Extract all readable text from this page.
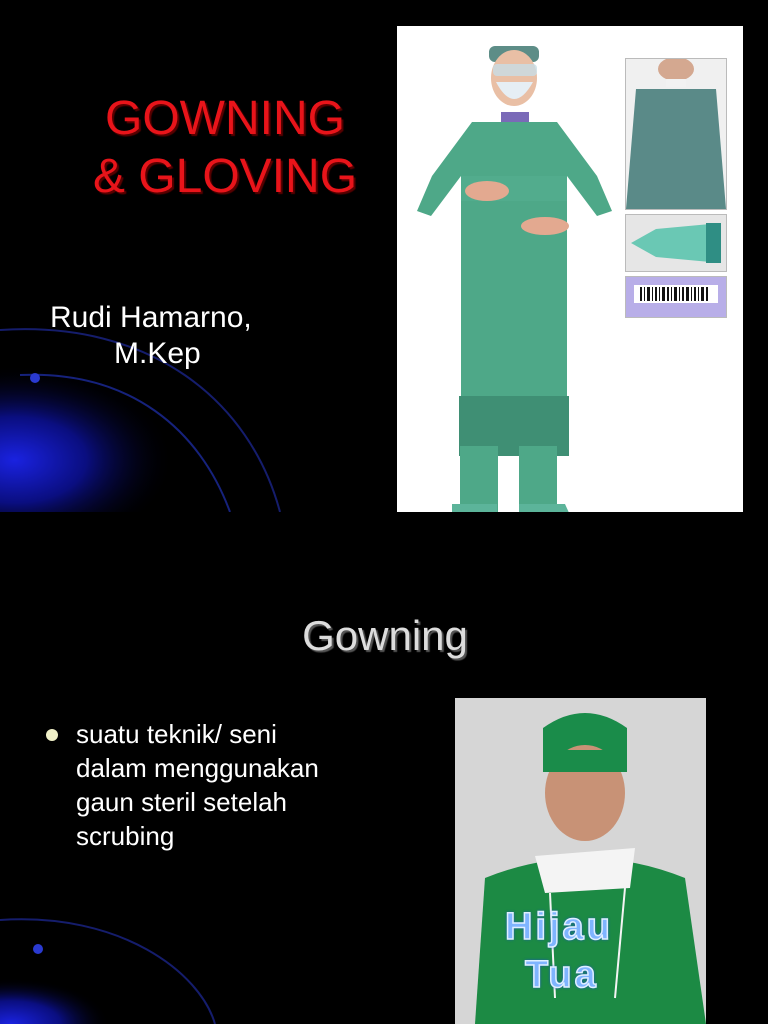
GOWNING
& GLOVING
Rudi Hamarno,
M.Kep
Gowning
suatu teknik/ seni
dalam menggunakan
gaun steril setelah
scrubing
Hijau
Tua
